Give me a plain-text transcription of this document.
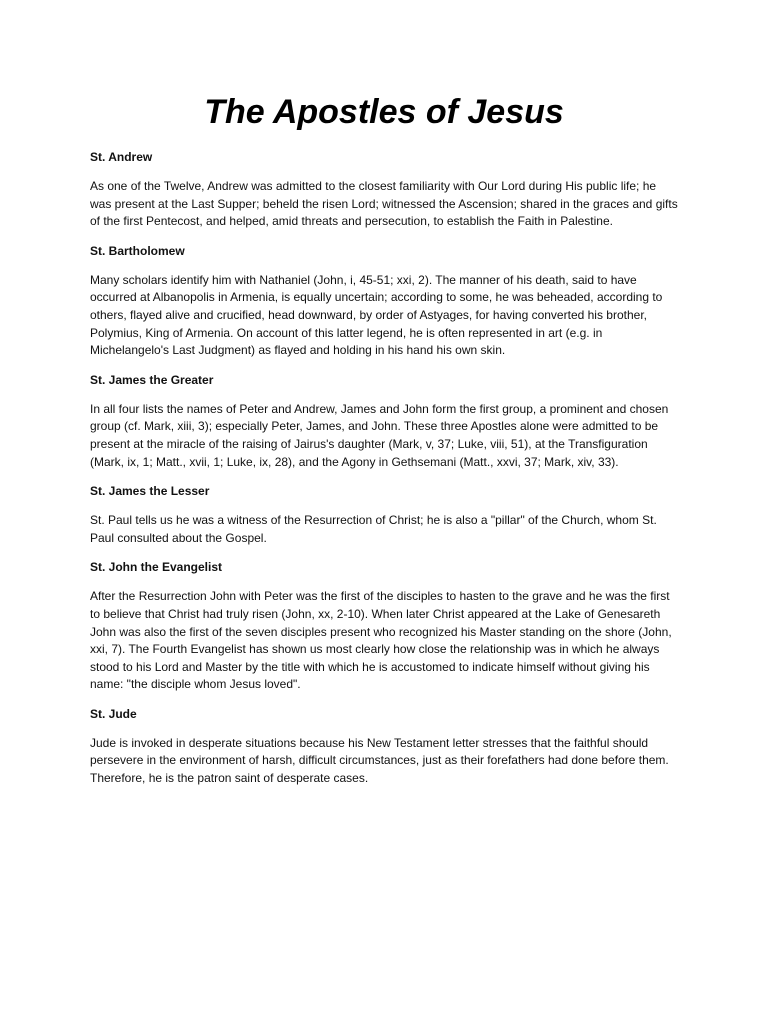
The Apostles of Jesus
St. Andrew

As one of the Twelve, Andrew was admitted to the closest familiarity with Our Lord during His public life; he was present at the Last Supper; beheld the risen Lord; witnessed the Ascension; shared in the graces and gifts of the first Pentecost, and helped, amid threats and persecution, to establish the Faith in Palestine.

St. Bartholomew

Many scholars identify him with Nathaniel (John, i, 45-51; xxi, 2). The manner of his death, said to have occurred at Albanopolis in Armenia, is equally uncertain; according to some, he was beheaded, according to others, flayed alive and crucified, head downward, by order of Astyages, for having converted his brother, Polymius, King of Armenia. On account of this latter legend, he is often represented in art (e.g. in Michelangelo's Last Judgment) as flayed and holding in his hand his own skin.

St. James the Greater

In all four lists the names of Peter and Andrew, James and John form the first group, a prominent and chosen group (cf. Mark, xiii, 3); especially Peter, James, and John. These three Apostles alone were admitted to be present at the miracle of the raising of Jairus's daughter (Mark, v, 37; Luke, viii, 51), at the Transfiguration (Mark, ix, 1; Matt., xvii, 1; Luke, ix, 28), and the Agony in Gethsemani (Matt., xxvi, 37; Mark, xiv, 33).

St. James the Lesser

St. Paul tells us he was a witness of the Resurrection of Christ; he is also a "pillar" of the Church, whom St. Paul consulted about the Gospel.

St. John the Evangelist

After the Resurrection John with Peter was the first of the disciples to hasten to the grave and he was the first to believe that Christ had truly risen (John, xx, 2-10). When later Christ appeared at the Lake of Genesareth John was also the first of the seven disciples present who recognized his Master standing on the shore (John, xxi, 7). The Fourth Evangelist has shown us most clearly how close the relationship was in which he always stood to his Lord and Master by the title with which he is accustomed to indicate himself without giving his name: "the disciple whom Jesus loved".

St. Jude

Jude is invoked in desperate situations because his New Testament letter stresses that the faithful should persevere in the environment of harsh, difficult circumstances, just as their forefathers had done before them. Therefore, he is the patron saint of desperate cases.
